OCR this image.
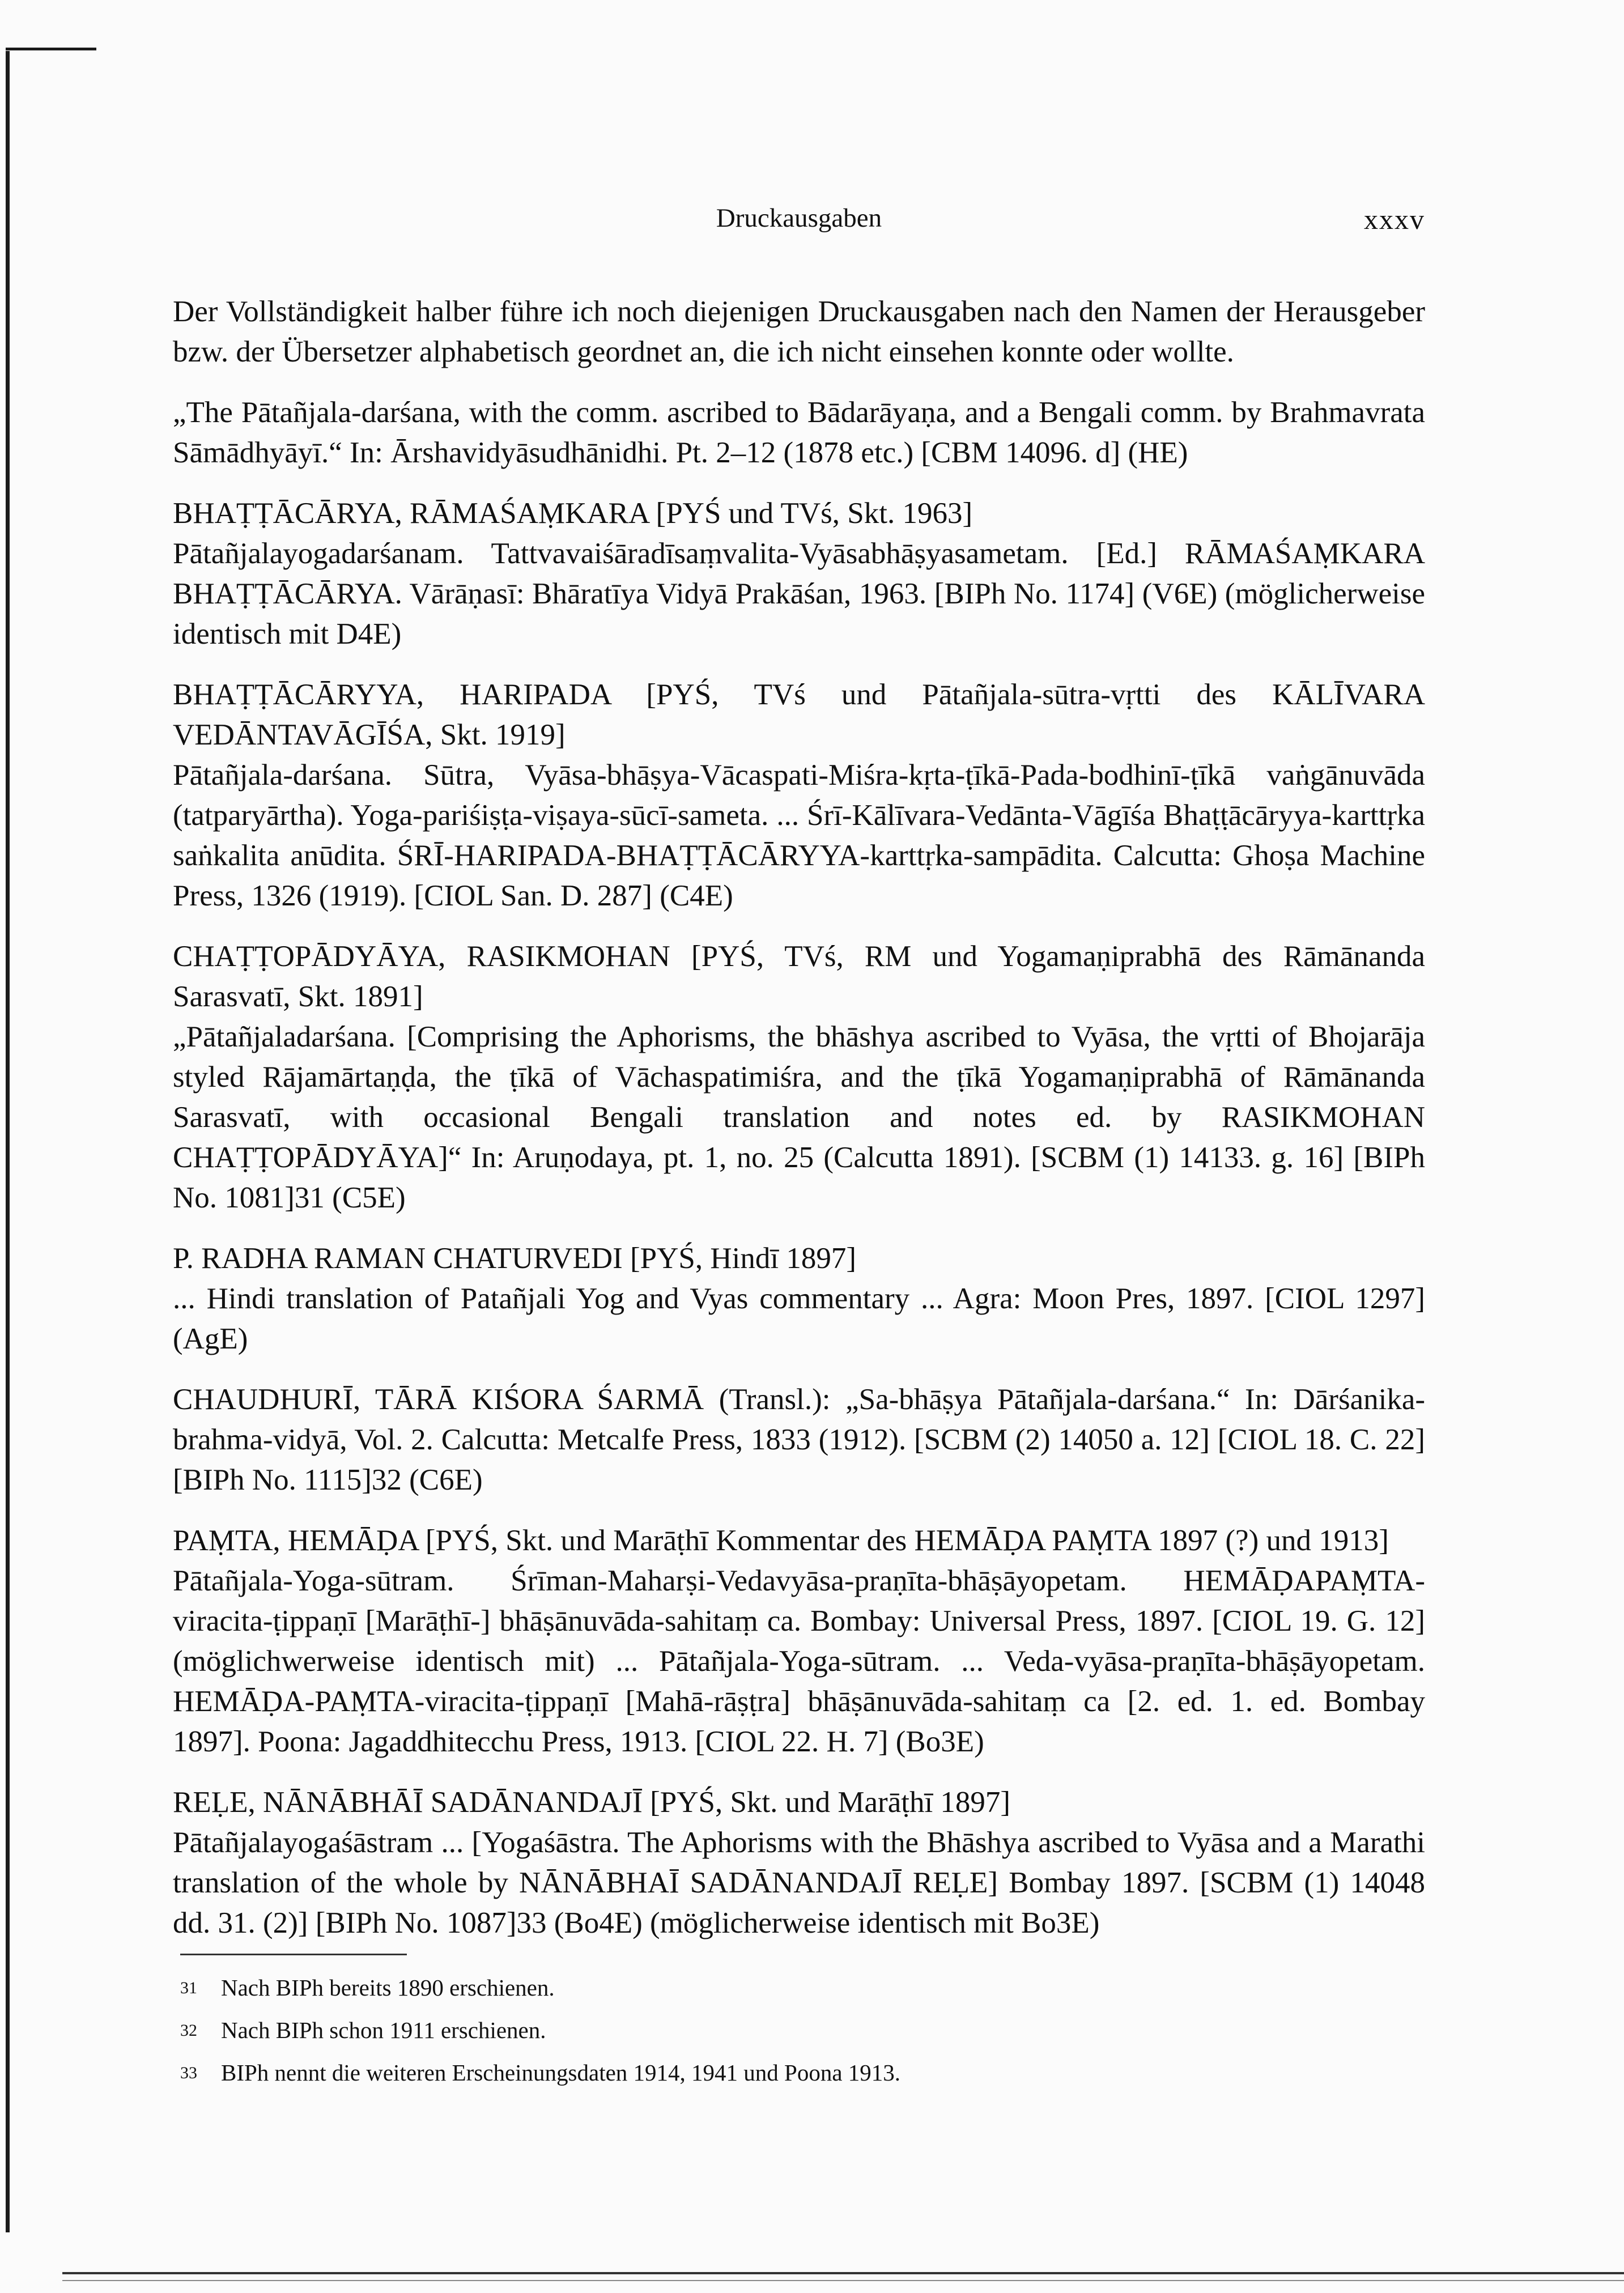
Druckausgaben	xxxv

Der Vollständigkeit halber führe ich noch diejenigen Druckausgaben nach den Namen der Herausgeber bzw. der Übersetzer alphabetisch geordnet an, die ich nicht einsehen konnte oder wollte.

„The Pātañjala-darśana, with the comm. ascribed to Bādarāyaṇa, and a Bengali comm. by Brahmavrata Sāmādhyāyī.“ In: Ārshavidyāsudhānidhi. Pt. 2–12 (1878 etc.) [CBM 14096. d] (HE)

BHAṬṬĀCĀRYA, RĀMAŚAṂKARA [PYŚ und TVś, Skt. 1963]
Pātañjalayogadarśanam. Tattvavaiśāradīsaṃvalita-Vyāsabhāṣyasametam. [Ed.] RĀMAŚAṂKARA BHAṬṬĀCĀRYA. Vārāṇasī: Bhāratīya Vidyā Prakāśan, 1963. [BIPh No. 1174] (V6E) (möglicherweise identisch mit D4E)

BHAṬṬĀCĀRYYA, HARIPADA [PYŚ, TVś und Pātañjala-sūtra-vṛtti des KĀLĪVARA VEDĀNTAVĀGĪŚA, Skt. 1919]
Pātañjala-darśana. Sūtra, Vyāsa-bhāṣya-Vācaspati-Miśra-kṛta-ṭīkā-Pada-bodhinī-ṭīkā vaṅgānuvāda (tatparyārtha). Yoga-pariśiṣṭa-viṣaya-sūcī-sameta. ... Śrī-Kālīvara-Vedānta-Vāgīśa Bhaṭṭācāryya-karttṛka saṅkalita anūdita. ŚRĪ-HARIPADA-BHAṬṬĀCĀRYYA-karttṛka-sampādita. Calcutta: Ghoṣa Machine Press, 1326 (1919). [CIOL San. D. 287] (C4E)

CHAṬṬOPĀDYĀYA, RASIKMOHAN [PYŚ, TVś, RM und Yogamaṇiprabhā des Rāmānanda Sarasvatī, Skt. 1891]
„Pātañjaladarśana. [Comprising the Aphorisms, the bhāshya ascribed to Vyāsa, the vṛtti of Bhojarāja styled Rājamārtaṇḍa, the ṭīkā of Vāchaspatimiśra, and the ṭīkā Yogamaṇiprabhā of Rāmānanda Sarasvatī, with occasional Bengali translation and notes ed. by RASIKMOHAN CHAṬṬOPĀDYĀYA]“ In: Aruṇodaya, pt. 1, no. 25 (Calcutta 1891). [SCBM (1) 14133. g. 16] [BIPh No. 1081]31 (C5E)

P. RADHA RAMAN CHATURVEDI [PYŚ, Hindī 1897]
... Hindi translation of Patañjali Yog and Vyas commentary ... Agra: Moon Pres, 1897. [CIOL 1297] (AgE)

CHAUDHURĪ, TĀRĀ KIŚORA ŚARMĀ (Transl.): „Sa-bhāṣya Pātañjala-darśana.“ In: Dārśanika-brahma-vidyā, Vol. 2. Calcutta: Metcalfe Press, 1833 (1912). [SCBM (2) 14050 a. 12] [CIOL 18. C. 22] [BIPh No. 1115]32 (C6E)

PAṂTA, HEMĀḌA [PYŚ, Skt. und Marāṭhī Kommentar des HEMĀḌA PAṂTA 1897 (?) und 1913]
Pātañjala-Yoga-sūtram. Śrīman-Maharṣi-Vedavyāsa-praṇīta-bhāṣāyopetam. HEMĀḌAPAṂTA-viracita-ṭippaṇī [Marāṭhī-] bhāṣānuvāda-sahitaṃ ca. Bombay: Universal Press, 1897. [CIOL 19. G. 12] (möglichwerweise identisch mit) ... Pātañjala-Yoga-sūtram. ... Veda-vyāsa-praṇīta-bhāṣāyopetam. HEMĀḌA-PAṂTA-viracita-ṭippaṇī [Mahā-rāṣṭra] bhāṣānuvāda-sahitaṃ ca [2. ed. 1. ed. Bombay 1897]. Poona: Jagaddhitecchu Press, 1913. [CIOL 22. H. 7] (Bo3E)

REḶE, NĀNĀBHĀĪ SADĀNANDAJĪ [PYŚ, Skt. und Marāṭhī 1897]
Pātañjalayogaśāstram ... [Yogaśāstra. The Aphorisms with the Bhāshya ascribed to Vyāsa and a Marathi translation of the whole by NĀNĀBHAĪ SADĀNANDAJĪ REḶE] Bombay 1897. [SCBM (1) 14048 dd. 31. (2)] [BIPh No. 1087]33 (Bo4E) (möglicherweise identisch mit Bo3E)

31 Nach BIPh bereits 1890 erschienen.
32 Nach BIPh schon 1911 erschienen.
33 BIPh nennt die weiteren Erscheinungsdaten 1914, 1941 und Poona 1913.
